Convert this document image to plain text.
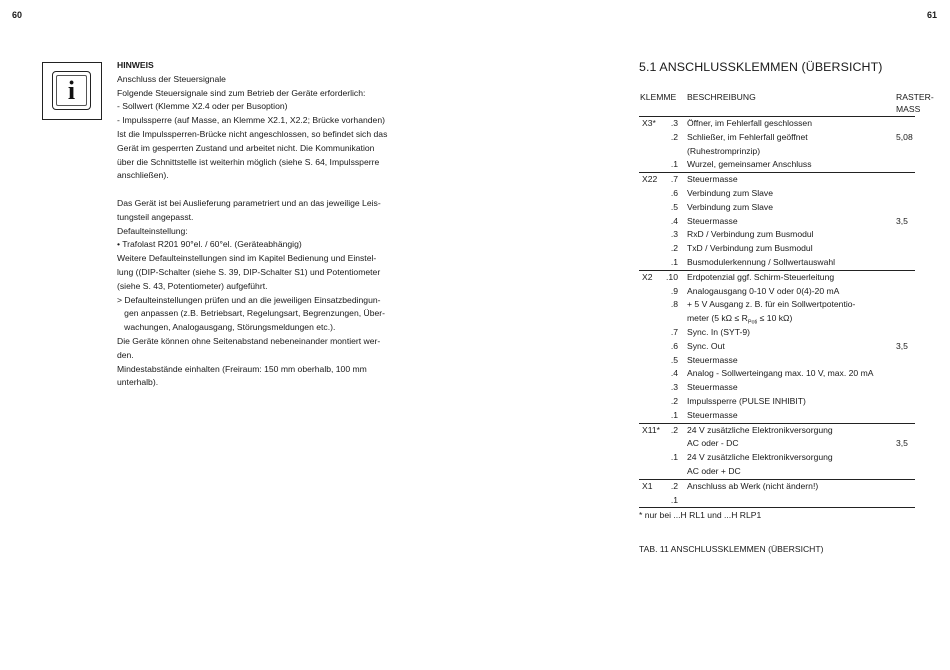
60	61
i
HINWEIS
Anschluss der Steuersignale
Folgende Steuersignale sind zum Betrieb der Geräte erforderlich:
- Sollwert (Klemme X2.4 oder per Busoption)
- Impulssperre (auf Masse, an Klemme X2.1, X2.2; Brücke vorhanden)
Ist die Impulssperren-Brücke nicht angeschlossen, so befindet sich das
Gerät im gesperrten Zustand und arbeitet nicht. Die Kommunikation
über die Schnittstelle ist weiterhin möglich (siehe S. 64, Impulssperre
anschließen).
Das Gerät ist bei Auslieferung parametriert und an das jeweilige Leis-
tungsteil angepasst.
Defaulteinstellung:
• Trafolast R201 90°el. / 60°el. (Geräteabhängig)
Weitere Defaulteinstellungen sind im Kapitel Bedienung und Einstel-
lung ((DIP-Schalter (siehe S. 39, DIP-Schalter S1) und Potentiometer
(siehe S. 43, Potentiometer) aufgeführt.
> Defaulteinstellungen prüfen und an die jeweiligen Einsatzbedingun-
gen anpassen (z.B. Betriebsart, Regelungsart, Begrenzungen, Über-
wachungen, Analogausgang, Störungsmeldungen etc.).
Die Geräte können ohne Seitenabstand nebeneinander montiert wer-
den.
Mindestabstände einhalten (Freiraum: 150 mm oberhalb, 100 mm
unterhalb).
5.1 ANSCHLUSSKLEMMEN (ÜBERSICHT)
KLEMME BESCHREIBUNG	RASTER-
MASS
X3*	.3 Öffner, im Fehlerfall geschlossen
.2 Schließer, im Fehlerfall geöffnet	5,08
(Ruhestromprinzip)
.1 Wurzel, gemeinsamer Anschluss
X22	.7 Steuermasse
.6 Verbindung zum Slave
.5 Verbindung zum Slave
.4 Steuermasse	3,5
.3 RxD / Verbindung zum Busmodul
.2 TxD / Verbindung zum Busmodul
.1 Busmodulerkennung / Sollwertauswahl
X2 .10 Erdpotenzial ggf. Schirm-Steuerleitung
.9 Analogausgang 0-10 V oder 0(4)-20 mA
.8 + 5 V Ausgang z. B. für ein Sollwertpotentio-
meter (5 $k\Omega \le R_{Poti} \le 10$ kΩ)
.7 Sync. In (SYT-9)
.6 Sync. Out	3,5
.5 Steuermasse
.4 Analog - Sollwerteingang max. 10 V, max. 20 mA
.3 Steuermasse
.2 Impulssperre (PULSE INHIBIT)
.1 Steuermasse
X11*	.2 24 V zusätzliche Elektronikversorgung
AC oder - DC	3,5
.1 24 V zusätzliche Elektronikversorgung
AC oder + DC
X1	.2 Anschluss ab Werk (nicht ändern!)
.1
* nur bei ...H RL1 und ...H RLP1
TAB. 11 ANSCHLUSSKLEMMEN (ÜBERSICHT)
